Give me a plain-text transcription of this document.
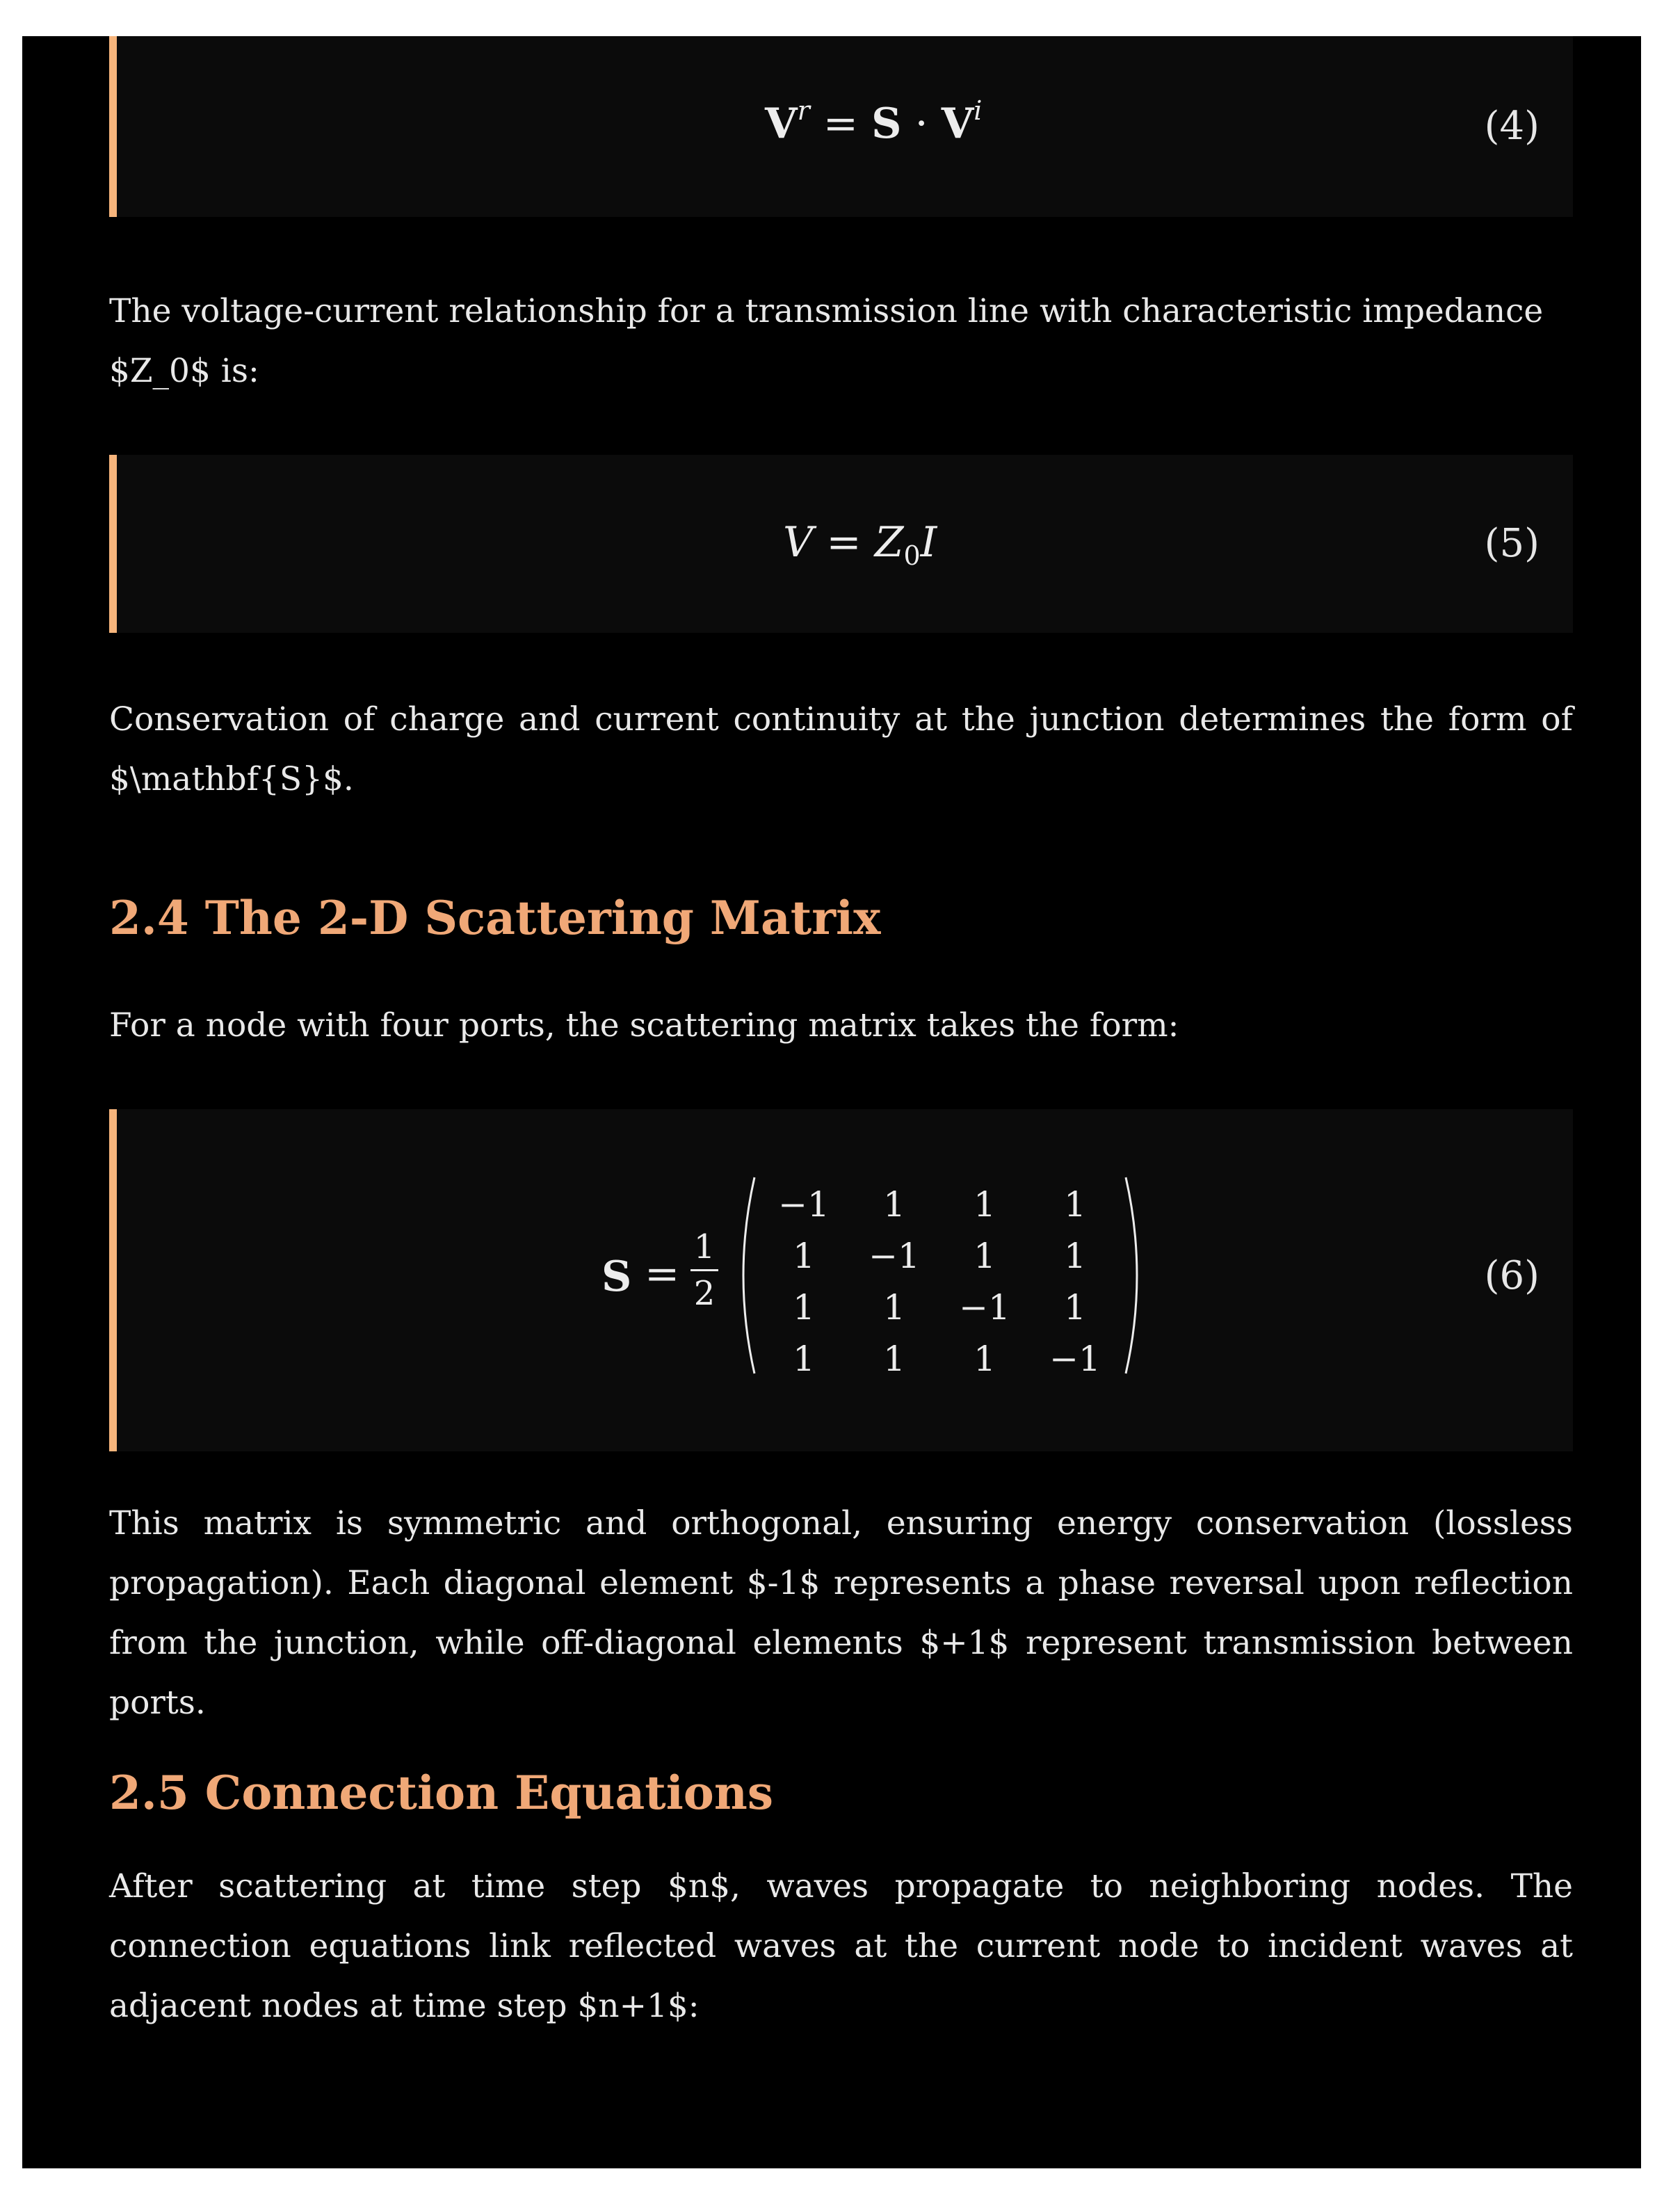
$V^r = S \cdot V^i$	(4)

The voltage-current relationship for a transmission line with characteristic impedance $Z_0$ is:

$V = Z_0I$	(5)

Conservation of charge and current continuity at the junction determines the form of $\mathbf{S}$.

2.4 The 2-D Scattering Matrix

For a node with four ports, the scattering matrix takes the form:

S =
1
2
−1	1	1	1
1	−1	1	1
1	1	−1	1
1	1	1	−1
(6)

This matrix is symmetric and orthogonal, ensuring energy conservation (lossless propagation). Each diagonal element $-1$ represents a phase reversal upon reflection from the junction, while off-diagonal elements $+1$ represent transmission between ports.

2.5 Connection Equations

After scattering at time step $n$, waves propagate to neighboring nodes. The connection equations link reflected waves at the current node to incident waves at adjacent nodes at time step $n+1$:
